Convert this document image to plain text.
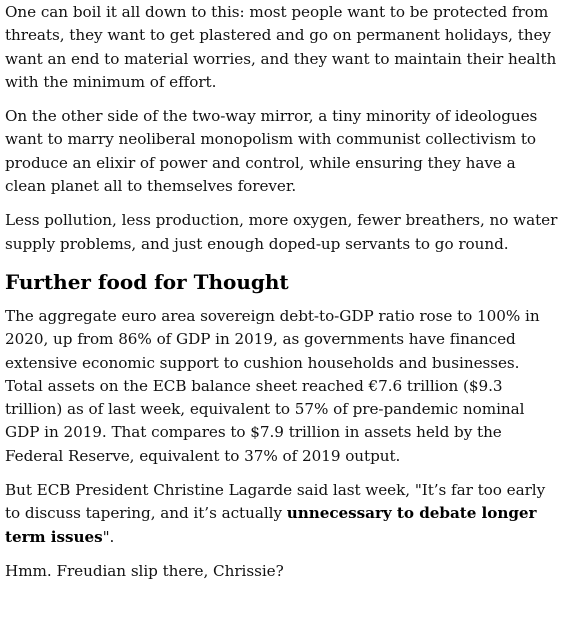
One can boil it all down to this: most people want to be protected from threats, they want to get plastered and go on permanent holidays, they want an end to material worries, and they want to maintain their health with the minimum of effort.

On the other side of the two-way mirror, a tiny minority of ideologues want to marry neoliberal monopolism with communist collectivism to produce an elixir of power and control, while ensuring they have a clean planet all to themselves forever.

Less pollution, less production, more oxygen, fewer breathers, no water supply problems, and just enough doped-up servants to go round.

Further food for Thought

The aggregate euro area sovereign debt-to-GDP ratio rose to 100% in 2020, up from 86% of GDP in 2019, as governments have financed extensive economic support to cushion households and businesses. Total assets on the ECB balance sheet reached €7.6 trillion ($9.3 trillion) as of last week, equivalent to 57% of pre-pandemic nominal GDP in 2019. That compares to $7.9 trillion in assets held by the Federal Reserve, equivalent to 37% of 2019 output.

But ECB President Christine Lagarde said last week, "It’s far too early to discuss tapering, and it’s actually unnecessary to debate longer term issues".

Hmm. Freudian slip there, Chrissie?
